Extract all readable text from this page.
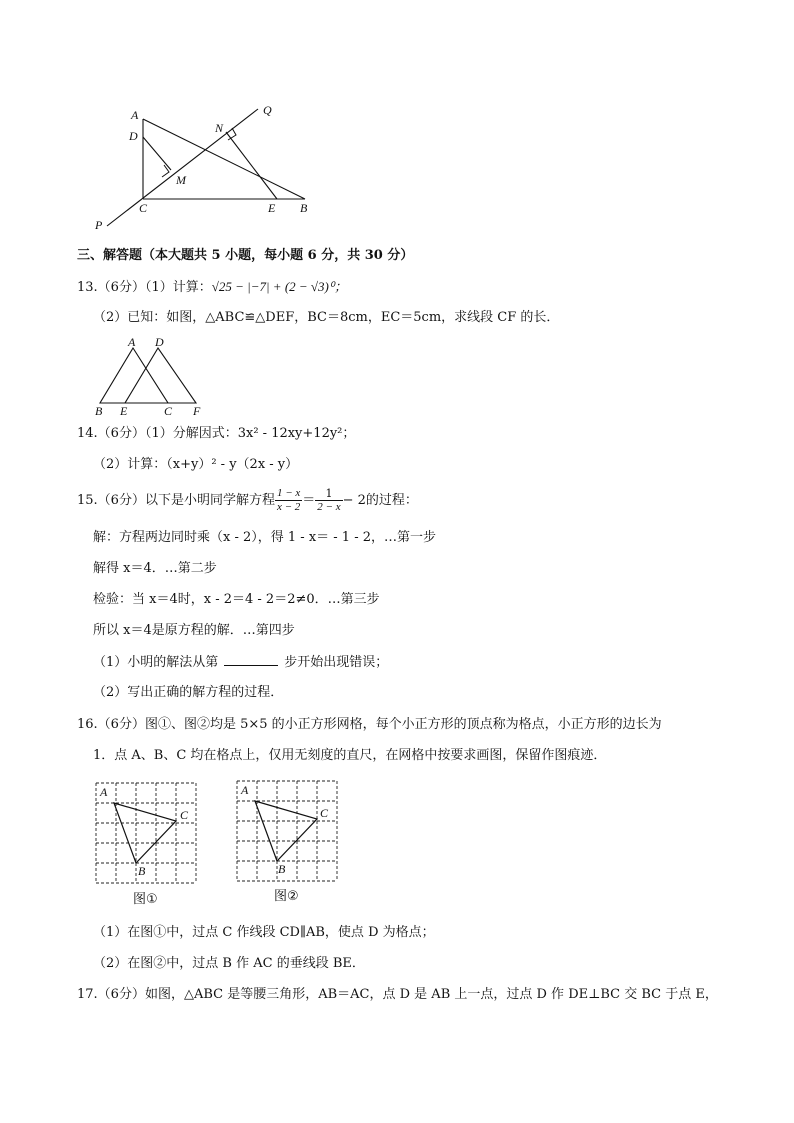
A
D
N
Q
M
P
C	E B
三、解答题（本大题共 5 小题，每小题 6 分，共 30 分）
13.（6分）（1）计算：√25 − |−7| + (2 − √3)⁰；
（2）已知：如图，△ABC≌△DEF，BC＝8cm，EC＝5cm，求线段 CF 的长．
A D
B E	C F
14.（6分）（1）分解因式：3x² - 12xy+12y²；
（2）计算：（x+y）² - y（2x - y）
15.（6分）以下是小明同学解方程 $\frac{1 - x}{x - 2} = \frac{1}{2 - x} - 2$的过程：
解：方程两边同时乘（x - 2），得 1 - x＝ - 1 - 2，…第一步
解得 x＝4．…第二步
检验：当 x＝4时，x - 2＝4 - 2＝2≠0．…第三步
所以 x＝4是原方程的解．…第四步
（1）小明的解法从第	步开始出现错误；
（2）写出正确的解方程的过程．
16.（6分）图①、图②均是 5×5 的小正方形网格，每个小正方形的顶点称为格点，小正方形的边长为
1．点 A、B、C 均在格点上，仅用无刻度的直尺，在网格中按要求画图，保留作图痕迹．
A
C
B
A
C
B
图①	图②
（1）在图①中，过点 C 作线段 CD∥AB，使点 D 为格点；
（2）在图②中，过点 B 作 AC 的垂线段 BE．
17.（6分）如图，△ABC 是等腰三角形，AB＝AC，点 D 是 AB 上一点，过点 D 作 DE⊥BC 交 BC 于点 E，
